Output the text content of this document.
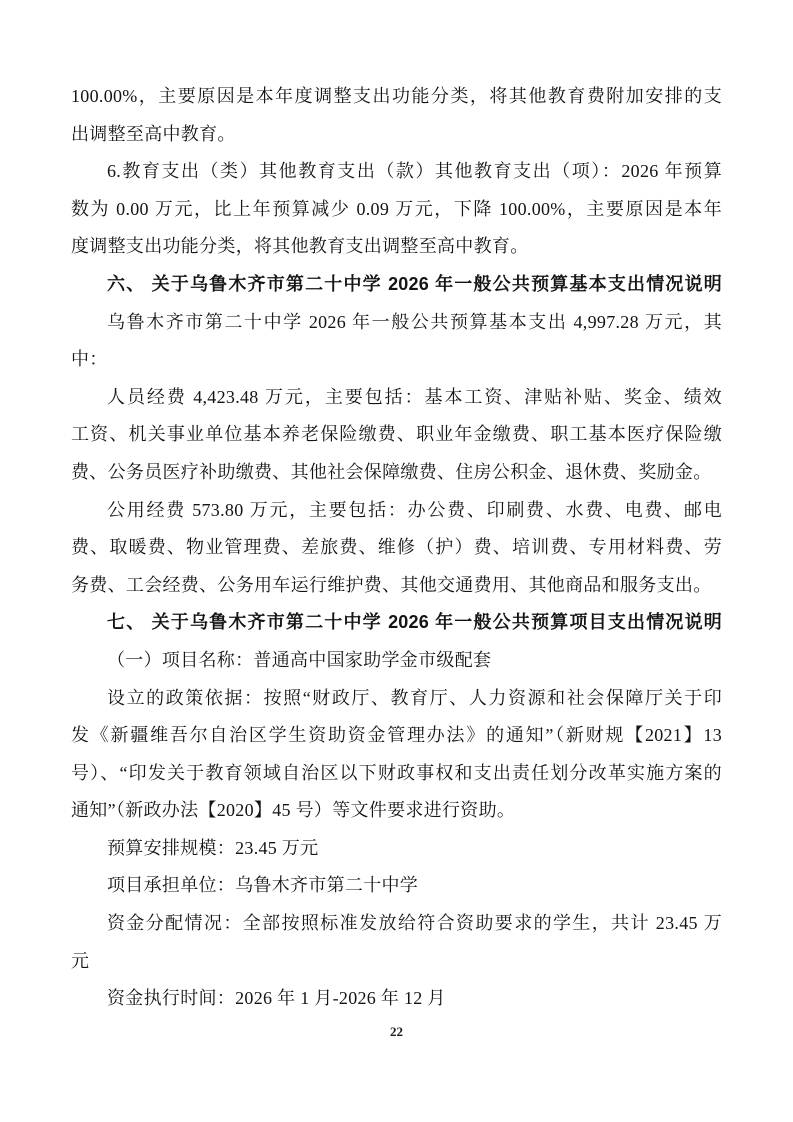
100.00%，主要原因是本年度调整支出功能分类，将其他教育费附加安排的支
出调整至高中教育。
6.教育支出（类）其他教育支出（款）其他教育支出（项）：2026 年预算
数为 0.00 万元，比上年预算减少 0.09 万元，下降 100.00%，主要原因是本年
度调整支出功能分类，将其他教育支出调整至高中教育。
六、 关于乌鲁木齐市第二十中学 2026 年一般公共预算基本支出情况说明
乌鲁木齐市第二十中学 2026 年一般公共预算基本支出 4,997.28 万元，其
中：
人员经费 4,423.48 万元，主要包括：基本工资、津贴补贴、奖金、绩效
工资、机关事业单位基本养老保险缴费、职业年金缴费、职工基本医疗保险缴
费、公务员医疗补助缴费、其他社会保障缴费、住房公积金、退休费、奖励金。
公用经费 573.80 万元，主要包括：办公费、印刷费、水费、电费、邮电
费、取暖费、物业管理费、差旅费、维修（护）费、培训费、专用材料费、劳
务费、工会经费、公务用车运行维护费、其他交通费用、其他商品和服务支出。
七、 关于乌鲁木齐市第二十中学 2026 年一般公共预算项目支出情况说明
（一）项目名称：普通高中国家助学金市级配套
设立的政策依据：按照“财政厅、教育厅、人力资源和社会保障厅关于印
发《新疆维吾尔自治区学生资助资金管理办法》的通知”（新财规【2021】13
号）、“印发关于教育领域自治区以下财政事权和支出责任划分改革实施方案的
通知”（新政办法【2020】45 号）等文件要求进行资助。
预算安排规模：23.45 万元
项目承担单位：乌鲁木齐市第二十中学
资金分配情况：全部按照标准发放给符合资助要求的学生，共计 23.45 万
元
资金执行时间：2026 年 1 月-2026 年 12 月
22
